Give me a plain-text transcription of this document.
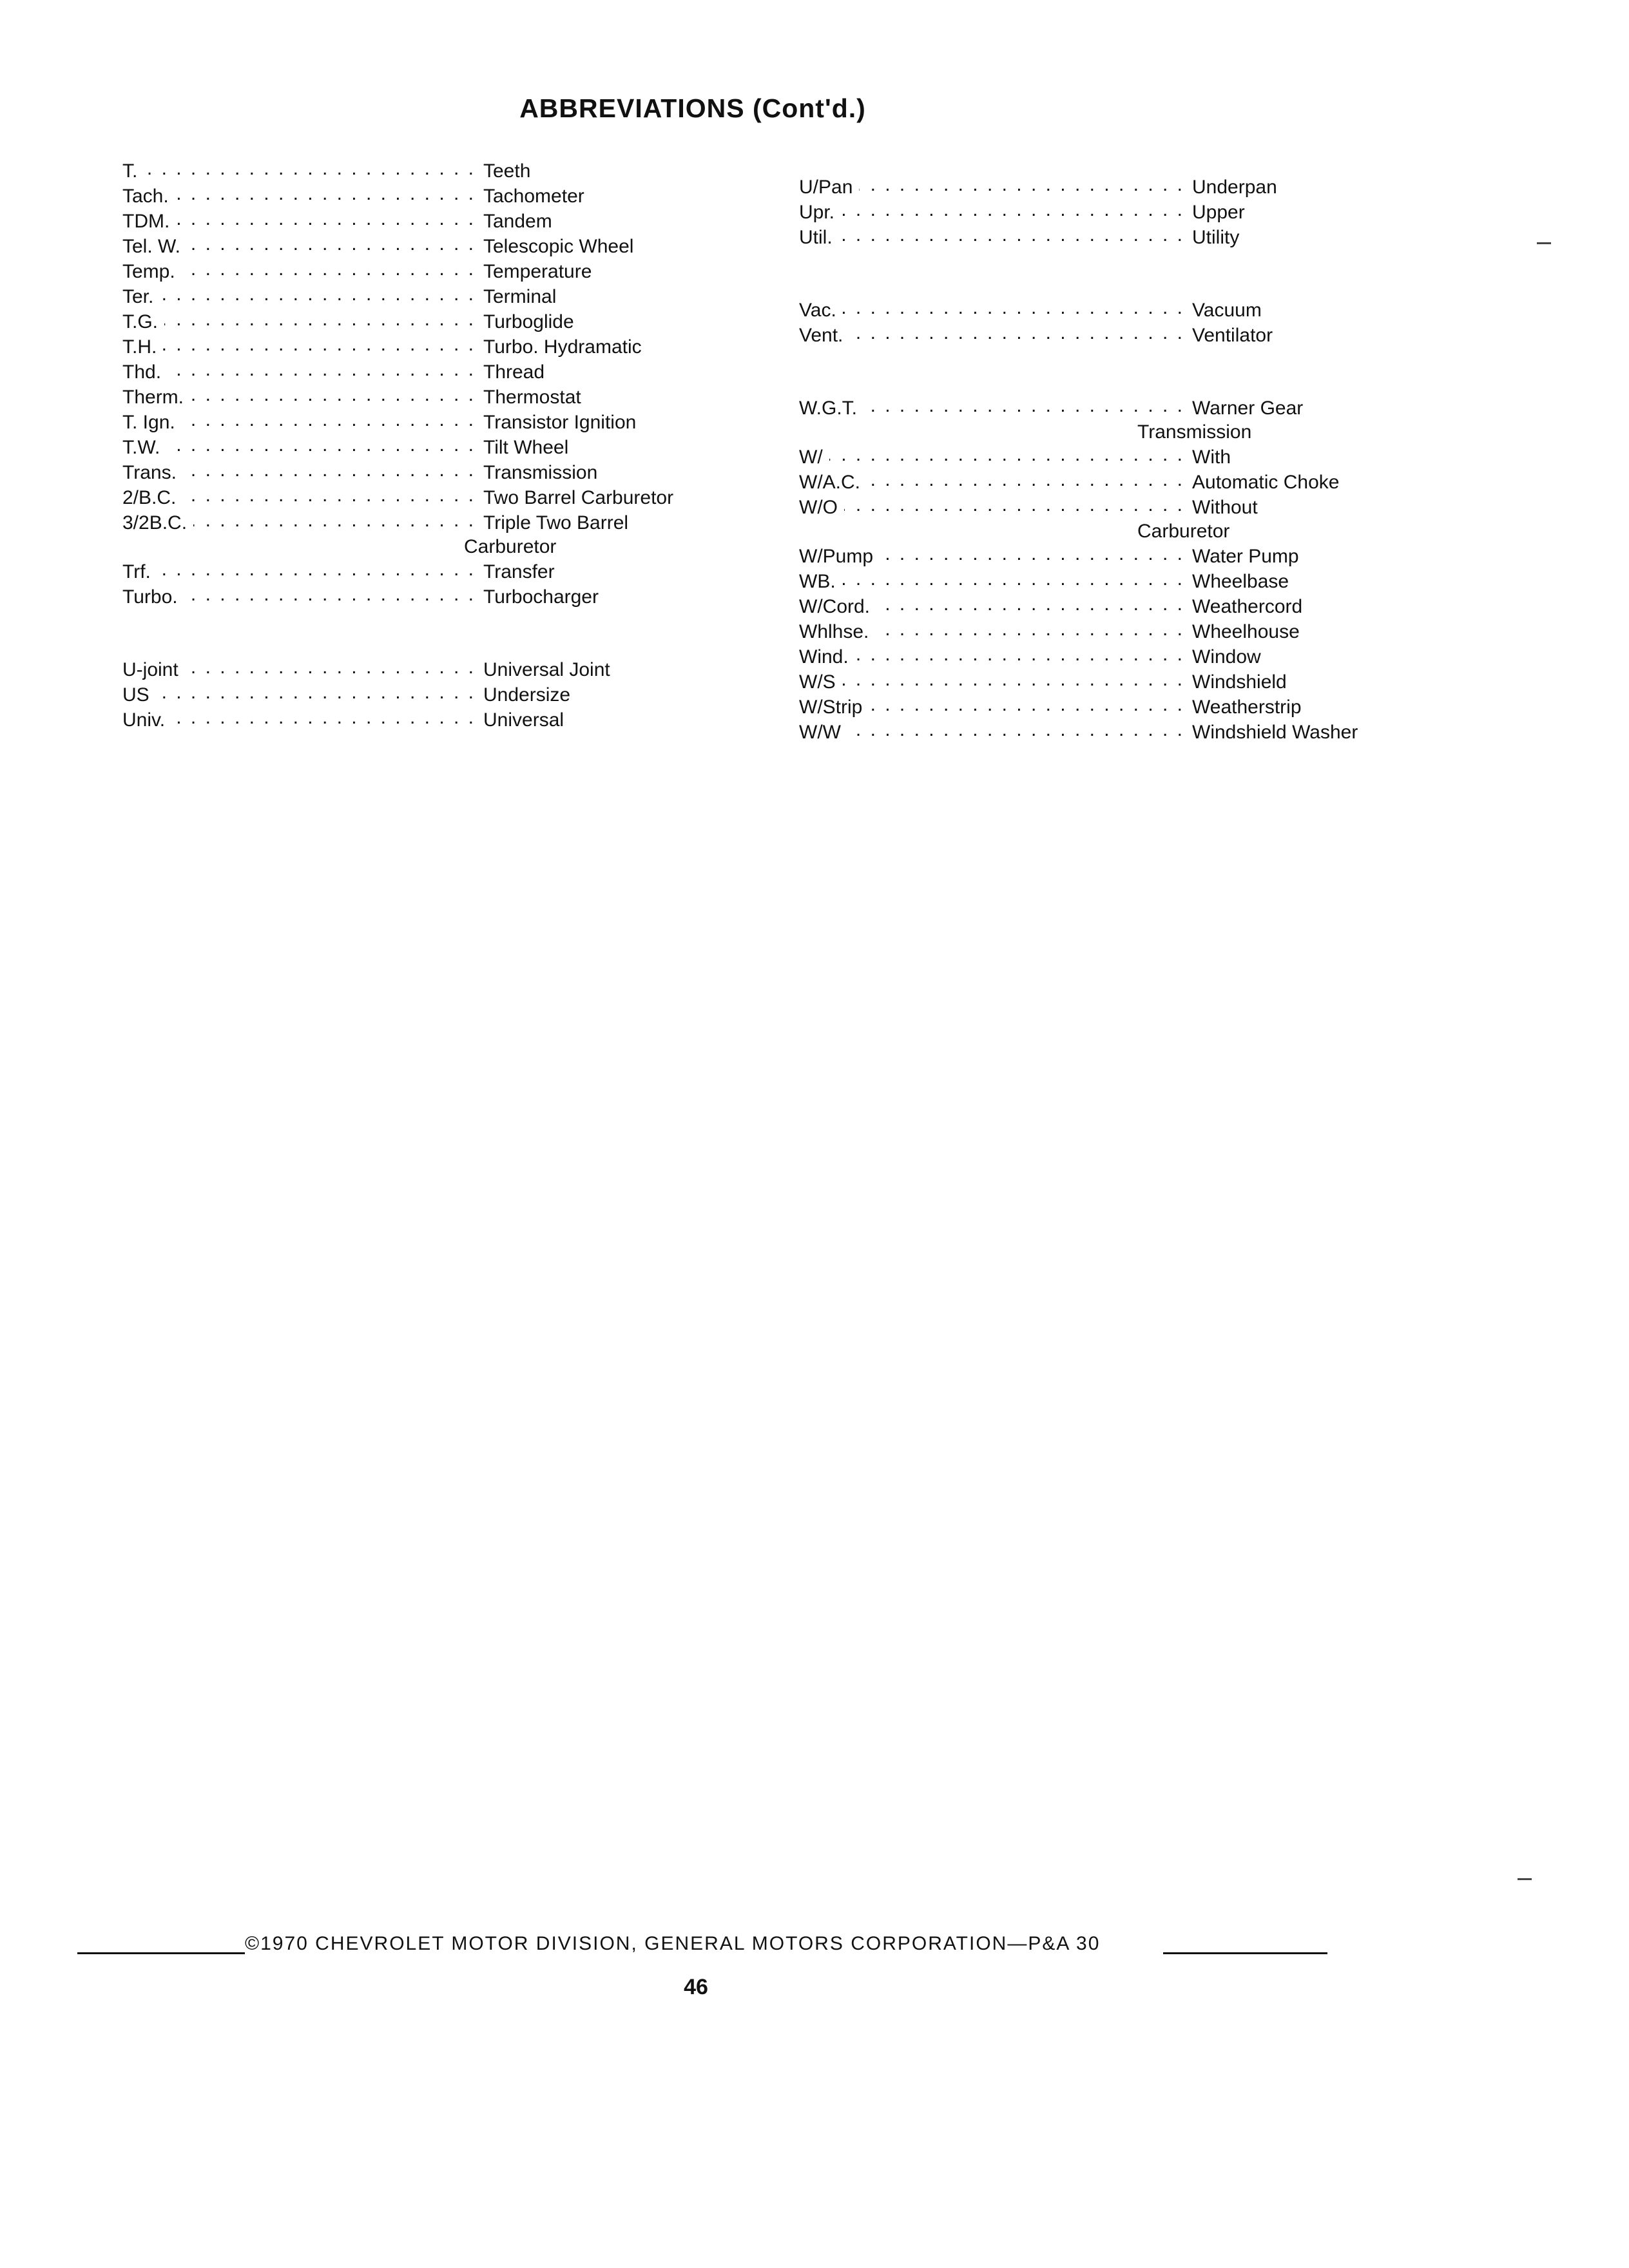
ABBREVIATIONS (Cont'd.)
T. . . .	Teeth
Tach. . . .	Tachometer
TDM. . . .	Tandem
Tel. W. . . .	Telescopic Wheel
Temp. . . .	Temperature
Ter. . . .	Terminal
T.G. . . .	Turboglide
T.H. . . .	Turbo. Hydramatic
Thd. . . .	Thread
Therm. . . .	Thermostat
T. Ign. . . .	Transistor Ignition
T.W. . . .	Tilt Wheel
Trans. . . .	Transmission
2/B.C. . . .	Two Barrel Carburetor
3/2B.C. . . .	Triple Two Barrel
Carburetor
Trf. . . .	Transfer
Turbo. . . .	Turbocharger
U-joint . . .	Universal Joint
US . . .	Undersize
Univ. . . .	Universal
U/Pan . . .	Underpan
Upr. . . .	Upper
Util. . . .	Utility
Vac. . . .	Vacuum
Vent. . . .	Ventilator
W.G.T. . . .	Warner Gear
Transmission
W/ . . .	With
W/A.C. . . .	Automatic Choke
W/O . . .	Without
Carburetor
W/Pump . . .	Water Pump
WB. . . .	Wheelbase
W/Cord. . . .	Weathercord
Whlhse. . . .	Wheelhouse
Wind. . . .	Window
W/S . . .	Windshield
W/Strip . . .	Weatherstrip
W/W . . .	Windshield Washer
©1970 CHEVROLET MOTOR DIVISION, GENERAL MOTORS CORPORATION—P&A 30
46
